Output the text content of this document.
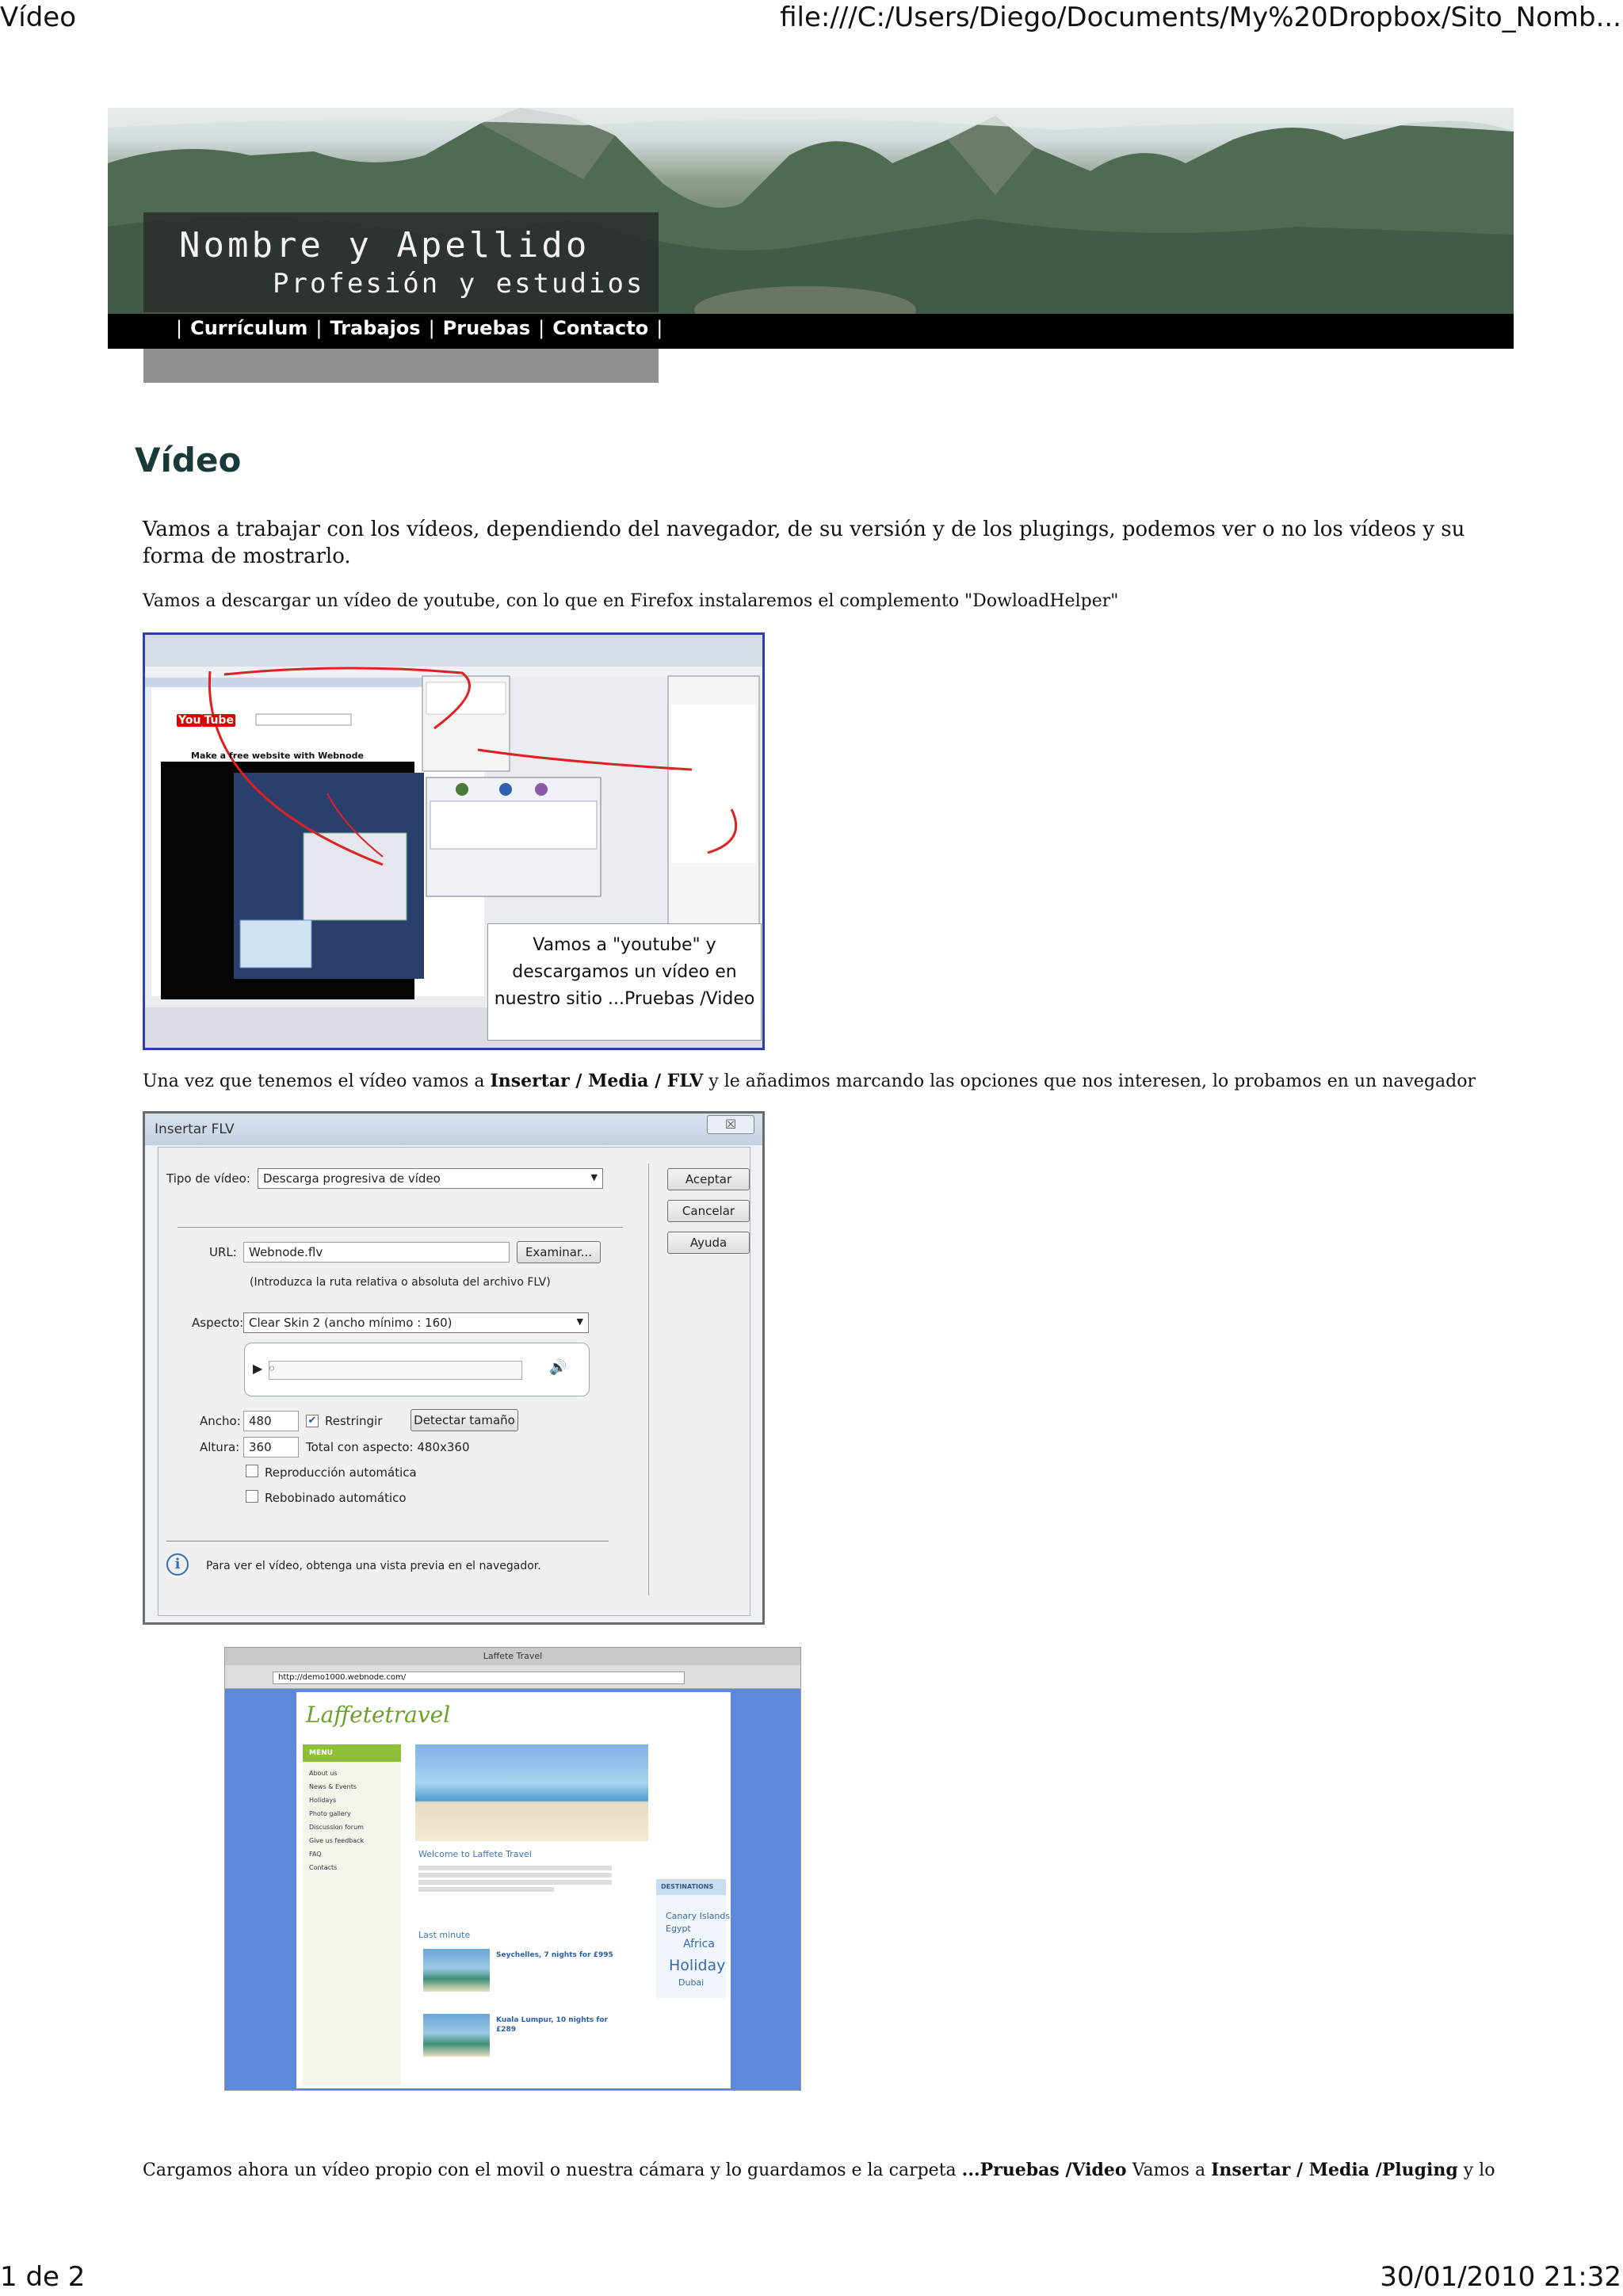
Vídeo	file:///C:/Users/Diego/Documents/My%20Dropbox/Sito_Nomb...
1 de 2	30/01/2010 21:32
Nombre y Apellido
Profesión y estudios
| Currículum | Trabajos | Pruebas | Contacto |
Vídeo

Vamos a trabajar con los vídeos, dependiendo del navegador, de su versión y de los plugings, podemos ver o no los vídeos y su forma de mostrarlo.

Vamos a descargar un vídeo de youtube, con lo que en Firefox instalaremos el complemento "DowloadHelper"

You Tube
Make a free website with Webnode
Vamos a "youtube" y
descargamos un vídeo en
nuestro sitio ...Pruebas /Video

Una vez que tenemos el vídeo vamos a Insertar / Media / FLV y le añadimos marcando las opciones que nos interesen, lo probamos en un navegador

Insertar FLV	☒
Tipo de vídeo:	Descarga progresiva de vídeo	▼
URL:	Webnode.flv	Examinar...
(Introduzca la ruta relativa o absoluta del archivo FLV)
Aspecto: Clear Skin 2 (ancho mínimo : 160)	▼
▶ ◦	🔊
Ancho: 480	✔ Restringir	Detectar tamaño
Altura: 360	Total con aspecto: 480x360
Reproducción automática
Rebobinado automático
i	Para ver el vídeo, obtenga una vista previa en el navegador.
Aceptar
Cancelar
Ayuda
Laffete Travel
http://demo1000.webnode.com/
Laffetetravel
MENU
About us
News & Events
Holidays
Photo gallery
Discussion forum
Give us feedback
FAQ
Contacts
Welcome to Laffete Travel
Last minute
Seychelles, 7 nights for £995
Kuala Lumpur, 10 nights for £289
DESTINATIONS
Canary Islands
Egypt
Africa
Holiday
Dubai

Cargamos ahora un vídeo propio con el movil o nuestra cámara y lo guardamos e la carpeta ...Pruebas /Video Vamos a Insertar / Media /Pluging y lo
